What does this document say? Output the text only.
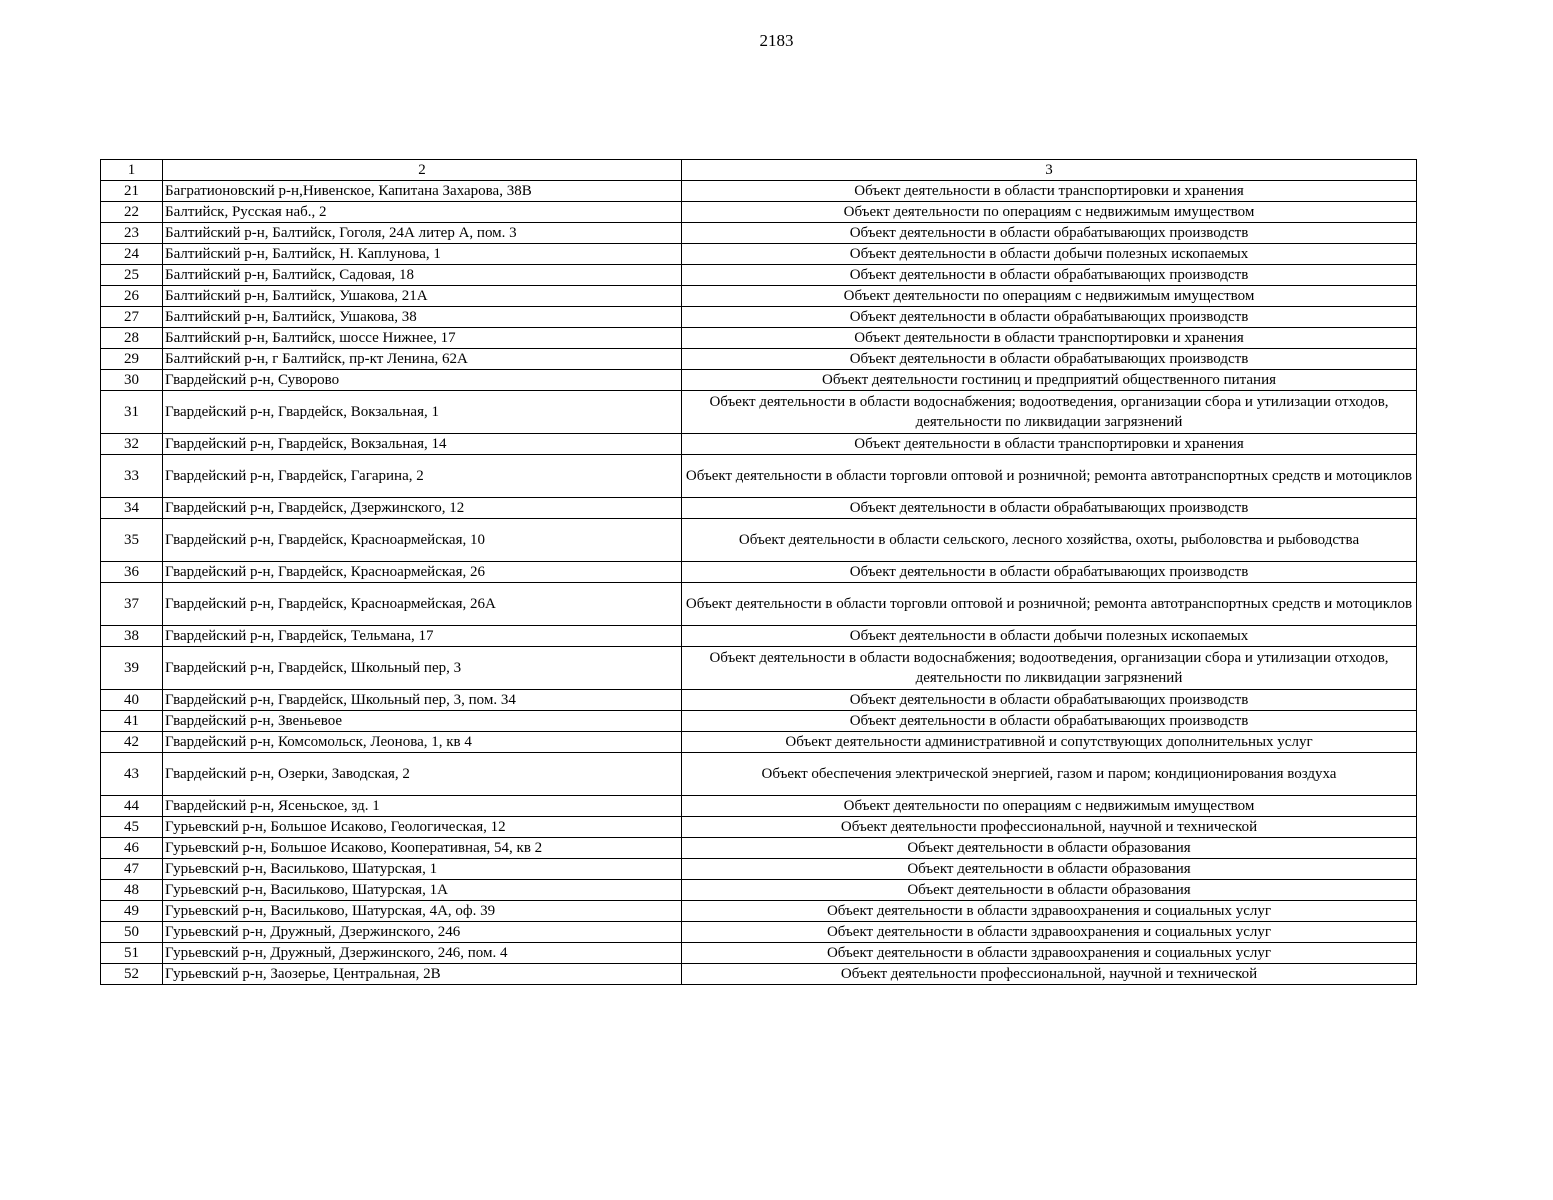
2183
1	2	3
21	Багратионовский р-н,Нивенское, Капитана Захарова, 38В	Объект деятельности в области транспортировки и хранения
22	Балтийск, Русская наб., 2	Объект деятельности по операциям с недвижимым имуществом
23	Балтийский р-н, Балтийск, Гоголя, 24А литер А, пом. 3	Объект деятельности в области обрабатывающих производств
24	Балтийский р-н, Балтийск, Н. Каплунова, 1	Объект деятельности в области добычи полезных ископаемых
25	Балтийский р-н, Балтийск, Садовая, 18	Объект деятельности в области обрабатывающих производств
26	Балтийский р-н, Балтийск, Ушакова, 21А	Объект деятельности по операциям с недвижимым имуществом
27	Балтийский р-н, Балтийск, Ушакова, 38	Объект деятельности в области обрабатывающих производств
28	Балтийский р-н, Балтийск, шоссе Нижнее, 17	Объект деятельности в области транспортировки и хранения
29	Балтийский р-н, г Балтийск, пр-кт Ленина, 62А	Объект деятельности в области обрабатывающих производств
30	Гвардейский р-н, Суворово	Объект деятельности гостиниц и предприятий общественного питания
31	Гвардейский р-н, Гвардейск, Вокзальная, 1	Объект деятельности в области водоснабжения; водоотведения, организации сбора и утилизации отходов, деятельности по ликвидации загрязнений
32	Гвардейский р-н, Гвардейск, Вокзальная, 14	Объект деятельности в области транспортировки и хранения
33	Гвардейский р-н, Гвардейск, Гагарина, 2	Объект деятельности в области торговли оптовой и розничной; ремонта автотранспортных средств и мотоциклов
34	Гвардейский р-н, Гвардейск, Дзержинского, 12	Объект деятельности в области обрабатывающих производств
35	Гвардейский р-н, Гвардейск, Красноармейская, 10	Объект деятельности в области сельского, лесного хозяйства, охоты, рыболовства и рыбоводства
36	Гвардейский р-н, Гвардейск, Красноармейская, 26	Объект деятельности в области обрабатывающих производств
37	Гвардейский р-н, Гвардейск, Красноармейская, 26А	Объект деятельности в области торговли оптовой и розничной; ремонта автотранспортных средств и мотоциклов
38	Гвардейский р-н, Гвардейск, Тельмана, 17	Объект деятельности в области добычи полезных ископаемых
39	Гвардейский р-н, Гвардейск, Школьный пер, 3	Объект деятельности в области водоснабжения; водоотведения, организации сбора и утилизации отходов, деятельности по ликвидации загрязнений
40	Гвардейский р-н, Гвардейск, Школьный пер, 3, пом. 34	Объект деятельности в области обрабатывающих производств
41	Гвардейский р-н, Звеньевое	Объект деятельности в области обрабатывающих производств
42	Гвардейский р-н, Комсомольск, Леонова, 1, кв 4	Объект деятельности административной и сопутствующих дополнительных услуг
43	Гвардейский р-н, Озерки, Заводская, 2	Объект обеспечения электрической энергией, газом и паром; кондиционирования воздуха
44	Гвардейский р-н, Ясеньское, зд. 1	Объект деятельности по операциям с недвижимым имуществом
45	Гурьевский р-н, Большое Исаково, Геологическая, 12	Объект деятельности профессиональной, научной и технической
46	Гурьевский р-н, Большое Исаково, Кооперативная, 54, кв 2	Объект деятельности в области образования
47	Гурьевский р-н, Васильково, Шатурская, 1	Объект деятельности в области образования
48	Гурьевский р-н, Васильково, Шатурская, 1А	Объект деятельности в области образования
49	Гурьевский р-н, Васильково, Шатурская, 4А, оф. 39	Объект деятельности в области здравоохранения и социальных услуг
50	Гурьевский р-н, Дружный, Дзержинского, 246	Объект деятельности в области здравоохранения и социальных услуг
51	Гурьевский р-н, Дружный, Дзержинского, 246, пом. 4	Объект деятельности в области здравоохранения и социальных услуг
52	Гурьевский р-н, Заозерье, Центральная, 2В	Объект деятельности профессиональной, научной и технической
